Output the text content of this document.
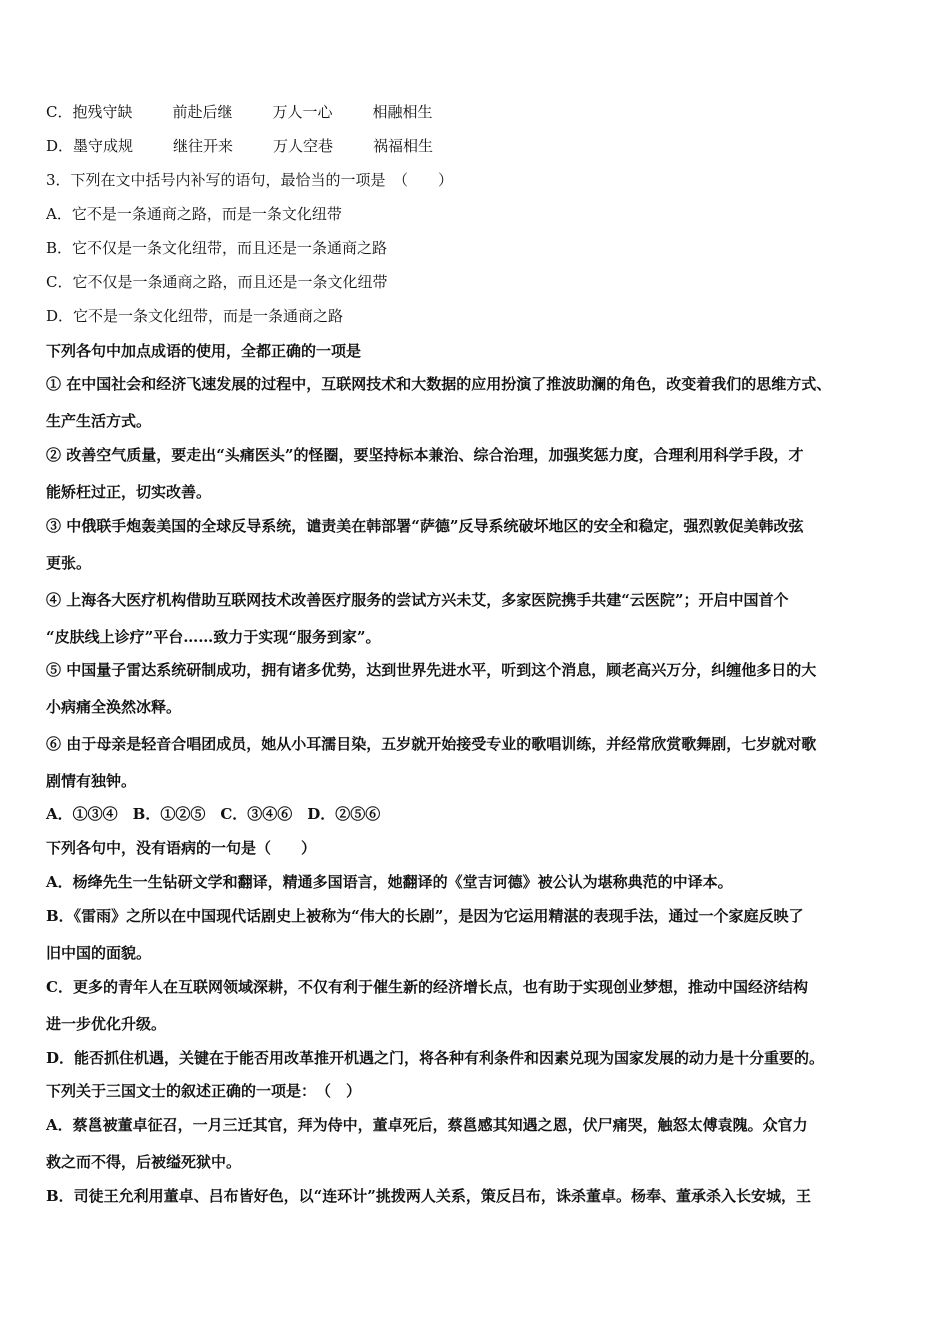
C．抱残守缺	前赴后继	万人一心	相融相生
D．墨守成规	继往开来	万人空巷	祸福相生
3．下列在文中括号内补写的语句，最恰当的一项是　（　　）
A．它不是一条通商之路，而是一条文化纽带
B．它不仅是一条文化纽带，而且还是一条通商之路
C．它不仅是一条通商之路，而且还是一条文化纽带
D．它不是一条文化纽带，而是一条通商之路
下列各句中加点成语的使用，全都正确的一项是
① 在中国社会和经济飞速发展的过程中，互联网技术和大数据的应用扮演了推波助澜的角色，改变着我们的思维方式、
生产生活方式。
② 改善空气质量，要走出“头痛医头”的怪圈，要坚持标本兼治、综合治理，加强奖惩力度，合理利用科学手段，才
能矫枉过正，切实改善。
③ 中俄联手炮轰美国的全球反导系统，谴责美在韩部署“萨德”反导系统破坏地区的安全和稳定，强烈敦促美韩改弦
更张。
④ 上海各大医疗机构借助互联网技术改善医疗服务的尝试方兴未艾，多家医院携手共建“云医院”；开启中国首个
“皮肤线上诊疗”平台……致力于实现“服务到家”。
⑤ 中国量子雷达系统研制成功，拥有诸多优势，达到世界先进水平，听到这个消息，顾老高兴万分，纠缠他多日的大
小病痛全涣然冰释。
⑥ 由于母亲是轻音合唱团成员，她从小耳濡目染，五岁就开始接受专业的歌唱训练，并经常欣赏歌舞剧，七岁就对歌
剧情有独钟。
A．①③④　B．①②⑤　C．③④⑥　D．②⑤⑥
下列各句中，没有语病的一句是（　　）
A．杨绛先生一生钻研文学和翻译，精通多国语言，她翻译的《堂吉诃德》被公认为堪称典范的中译本。
B．《雷雨》之所以在中国现代话剧史上被称为“伟大的长剧”，是因为它运用精湛的表现手法，通过一个家庭反映了
旧中国的面貌。
C．更多的青年人在互联网领域深耕，不仅有利于催生新的经济增长点，也有助于实现创业梦想，推动中国经济结构
进一步优化升级。
D．能否抓住机遇，关键在于能否用改革推开机遇之门，将各种有利条件和因素兑现为国家发展的动力是十分重要的。
下列关于三国文士的叙述正确的一项是：　（　）
A．蔡邕被董卓征召，一月三迁其官，拜为侍中，董卓死后，蔡邕感其知遇之恩，伏尸痛哭，触怒太傅袁隗。众官力
救之而不得，后被缢死狱中。
B．司徒王允利用董卓、吕布皆好色，以“连环计”挑拨两人关系，策反吕布，诛杀董卓。杨奉、董承杀入长安城，王
